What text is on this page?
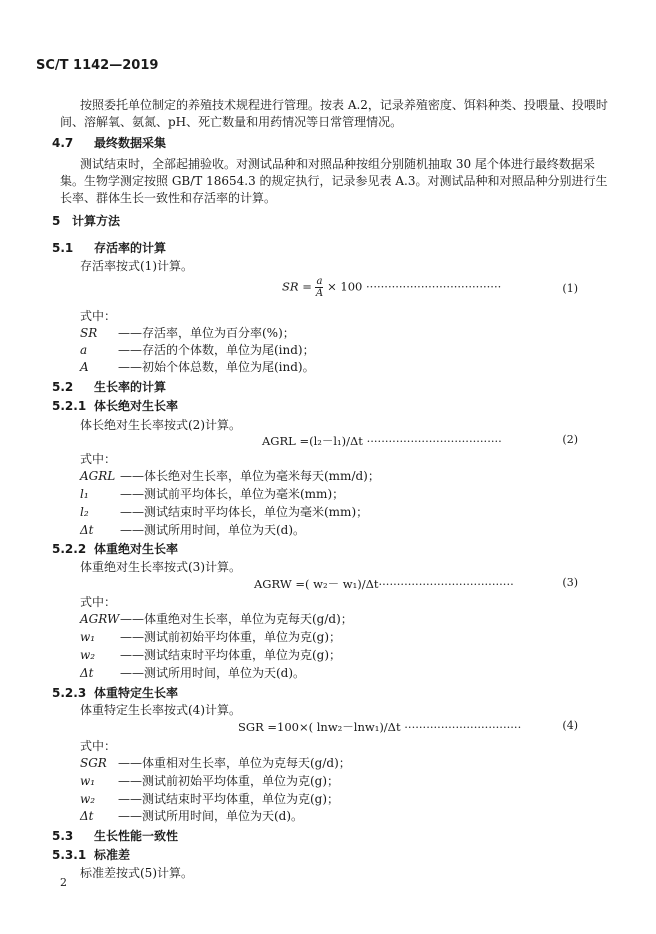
SC/T 1142—2019
按照委托单位制定的养殖技术规程进行管理。按表 A.2，记录养殖密度、饵料种类、投喂量、投喂时
间、溶解氧、氨氮、pH、死亡数量和用药情况等日常管理情况。
4.7 最终数据采集
测试结束时，全部起捕验收。对测试品种和对照品种按组分别随机抽取 30 尾个体进行最终数据采
集。生物学测定按照 GB/T 18654.3 的规定执行，记录参见表 A.3。对测试品种和对照品种分别进行生
长率、群体生长一致性和存活率的计算。
5 计算方法
5.1 存活率的计算
存活率按式(1)计算。
SR = $\frac{a}{A} \times 100$ ·····································	(1)
式中：
SR ——存活率，单位为百分率(%)；
a	——存活的个体数，单位为尾(ind)；
A ——初始个体总数，单位为尾(ind)。
5.2 生长率的计算
5.2.1 体长绝对生长率
体长绝对生长率按式(2)计算。
AGRL =(l₂－l₁)/Δt ·····································	(2)
式中：
AGRL ——体长绝对生长率，单位为毫米每天(mm/d)；
l₁	——测试前平均体长，单位为毫米(mm)；
l₂	——测试结束时平均体长，单位为毫米(mm)；
Δt ——测试所用时间，单位为天(d)。
5.2.2 体重绝对生长率
体重绝对生长率按式(3)计算。
AGRW =( w₂－ w₁)/Δt·····································	(3)
式中：
AGRW——体重绝对生长率，单位为克每天(g/d)；
w₁ ——测试前初始平均体重，单位为克(g)；
w₂ ——测试结束时平均体重，单位为克(g)；
Δt ——测试所用时间，单位为天(d)。
5.2.3 体重特定生长率
体重特定生长率按式(4)计算。
SGR =100×( lnw₂－lnw₁)/Δt ································	(4)
式中：
SGR ——体重相对生长率，单位为克每天(g/d)；
w₁ ——测试前初始平均体重，单位为克(g)；
w₂ ——测试结束时平均体重，单位为克(g)；
Δt ——测试所用时间，单位为天(d)。
5.3 生长性能一致性
5.3.1 标准差
标准差按式(5)计算。
2
